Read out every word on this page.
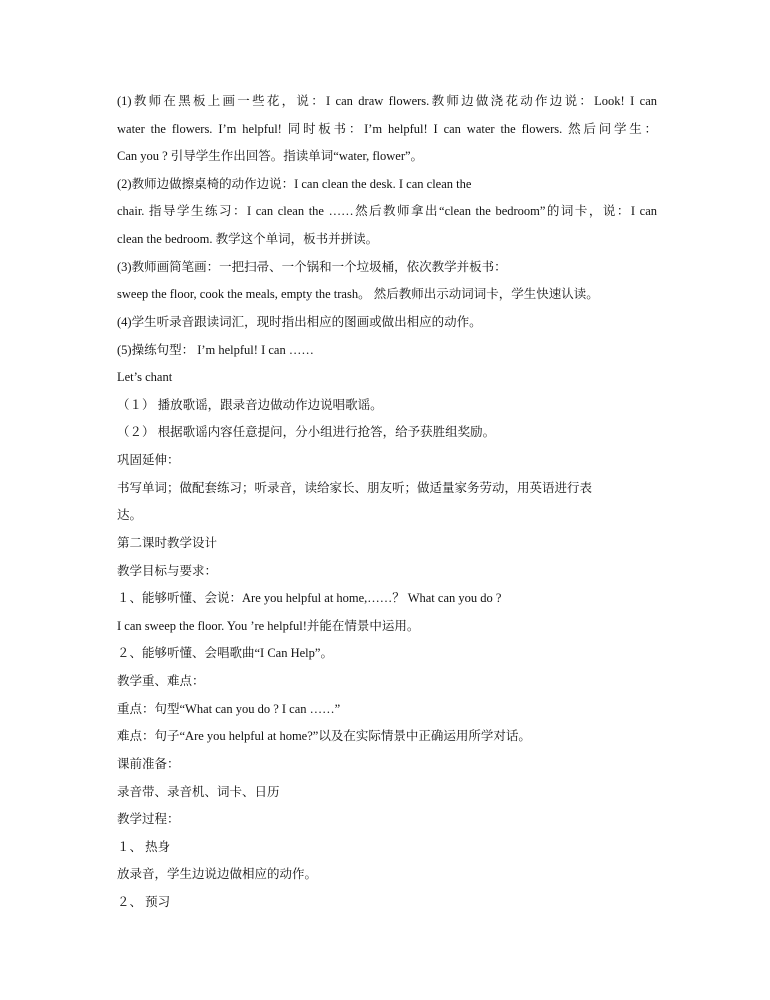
(1)教师在黑板上画一些花，说：I can draw flowers.教师边做浇花动作边说：Look! I can
water the flowers. I’m helpful! 同时板书：I’m helpful! I can water the flowers. 然后问学生：
Can you ? 引导学生作出回答。指读单词“water, flower”。
(2)教师边做擦桌椅的动作边说：I can clean the desk. I can clean the
chair. 指导学生练习：I can clean the ……然后教师拿出“clean the bedroom”的词卡，说：I can
clean the bedroom. 教学这个单词，板书并拼读。
(3)教师画简笔画：一把扫帚、一个锅和一个垃圾桶，依次教学并板书：
sweep the floor, cook the meals, empty the trash。 然后教师出示动词词卡，学生快速认读。
(4)学生听录音跟读词汇，现时指出相应的图画或做出相应的动作。
(5)操练句型： I’m helpful! I can ……
Let’s chant
（１） 播放歌谣，跟录音边做动作边说唱歌谣。
（２） 根据歌谣内容任意提问，分小组进行抢答，给予获胜组奖励。
巩固延伸：
书写单词；做配套练习；听录音，读给家长、朋友听；做适量家务劳动，用英语进行表
达。
第二课时教学设计
教学目标与要求：
１、能够听懂、会说：Are you helpful at home,……？ What can you do ?
I can sweep the floor. You ’re helpful!并能在情景中运用。
２、能够听懂、会唱歌曲“I Can Help”。
教学重、难点：
重点：句型“What can you do ? I can ……”
难点：句子“Are you helpful at home?”以及在实际情景中正确运用所学对话。
课前准备：
录音带、录音机、词卡、日历
教学过程：
１、 热身
放录音，学生边说边做相应的动作。
２、 预习
